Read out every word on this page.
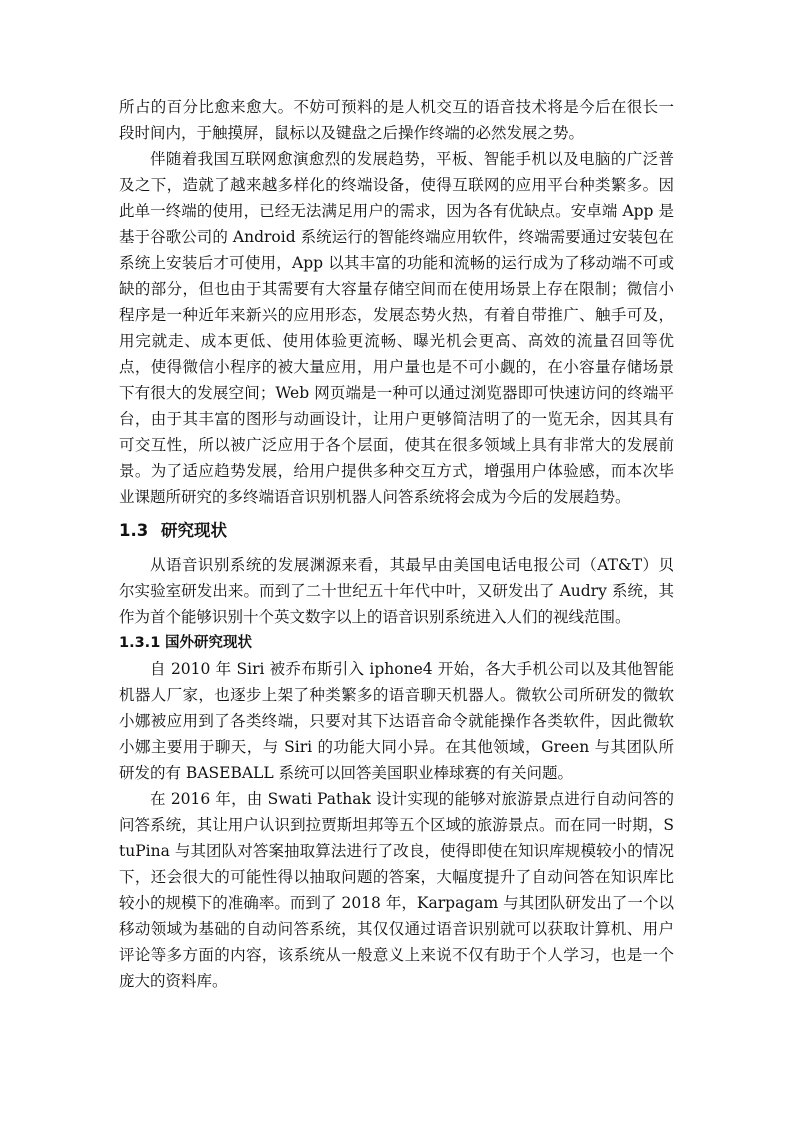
所占的百分比愈来愈大。不妨可预料的是人机交互的语音技术将是今后在很长一段时间内，于触摸屏，鼠标以及键盘之后操作终端的必然发展之势。

伴随着我国互联网愈演愈烈的发展趋势，平板、智能手机以及电脑的广泛普及之下，造就了越来越多样化的终端设备，使得互联网的应用平台种类繁多。因此单一终端的使用，已经无法满足用户的需求，因为各有优缺点。安卓端 App 是基于谷歌公司的 Android 系统运行的智能终端应用软件，终端需要通过安装包在系统上安装后才可使用，App 以其丰富的功能和流畅的运行成为了移动端不可或缺的部分，但也由于其需要有大容量存储空间而在使用场景上存在限制；微信小程序是一种近年来新兴的应用形态，发展态势火热，有着自带推广、触手可及，用完就走、成本更低、使用体验更流畅、曝光机会更高、高效的流量召回等优点，使得微信小程序的被大量应用，用户量也是不可小觑的，在小容量存储场景下有很大的发展空间；Web 网页端是一种可以通过浏览器即可快速访问的终端平台，由于其丰富的图形与动画设计，让用户更够简洁明了的一览无余，因其具有可交互性，所以被广泛应用于各个层面，使其在很多领域上具有非常大的发展前景。为了适应趋势发展，给用户提供多种交互方式，增强用户体验感，而本次毕业课题所研究的多终端语音识别机器人问答系统将会成为今后的发展趋势。

1.3 研究现状

从语音识别系统的发展渊源来看，其最早由美国电话电报公司（AT&T）贝尔实验室研发出来。而到了二十世纪五十年代中叶，又研发出了 Audry 系统，其作为首个能够识别十个英文数字以上的语音识别系统进入人们的视线范围。

1.3.1 国外研究现状

自 2010 年 Siri 被乔布斯引入 iphone4 开始，各大手机公司以及其他智能机器人厂家，也逐步上架了种类繁多的语音聊天机器人。微软公司所研发的微软小娜被应用到了各类终端，只要对其下达语音命令就能操作各类软件，因此微软小娜主要用于聊天，与 Siri 的功能大同小异。在其他领域，Green 与其团队所研发的有 BASEBALL 系统可以回答美国职业棒球赛的有关问题。

在 2016 年，由 Swati Pathak 设计实现的能够对旅游景点进行自动问答的问答系统，其让用户认识到拉贾斯坦邦等五个区域的旅游景点。而在同一时期，StuPina 与其团队对答案抽取算法进行了改良，使得即使在知识库规模较小的情况下，还会很大的可能性得以抽取问题的答案，大幅度提升了自动问答在知识库比较小的规模下的准确率。而到了 2018 年，Karpagam 与其团队研发出了一个以移动领域为基础的自动问答系统，其仅仅通过语音识别就可以获取计算机、用户评论等多方面的内容，该系统从一般意义上来说不仅有助于个人学习，也是一个庞大的资料库。
